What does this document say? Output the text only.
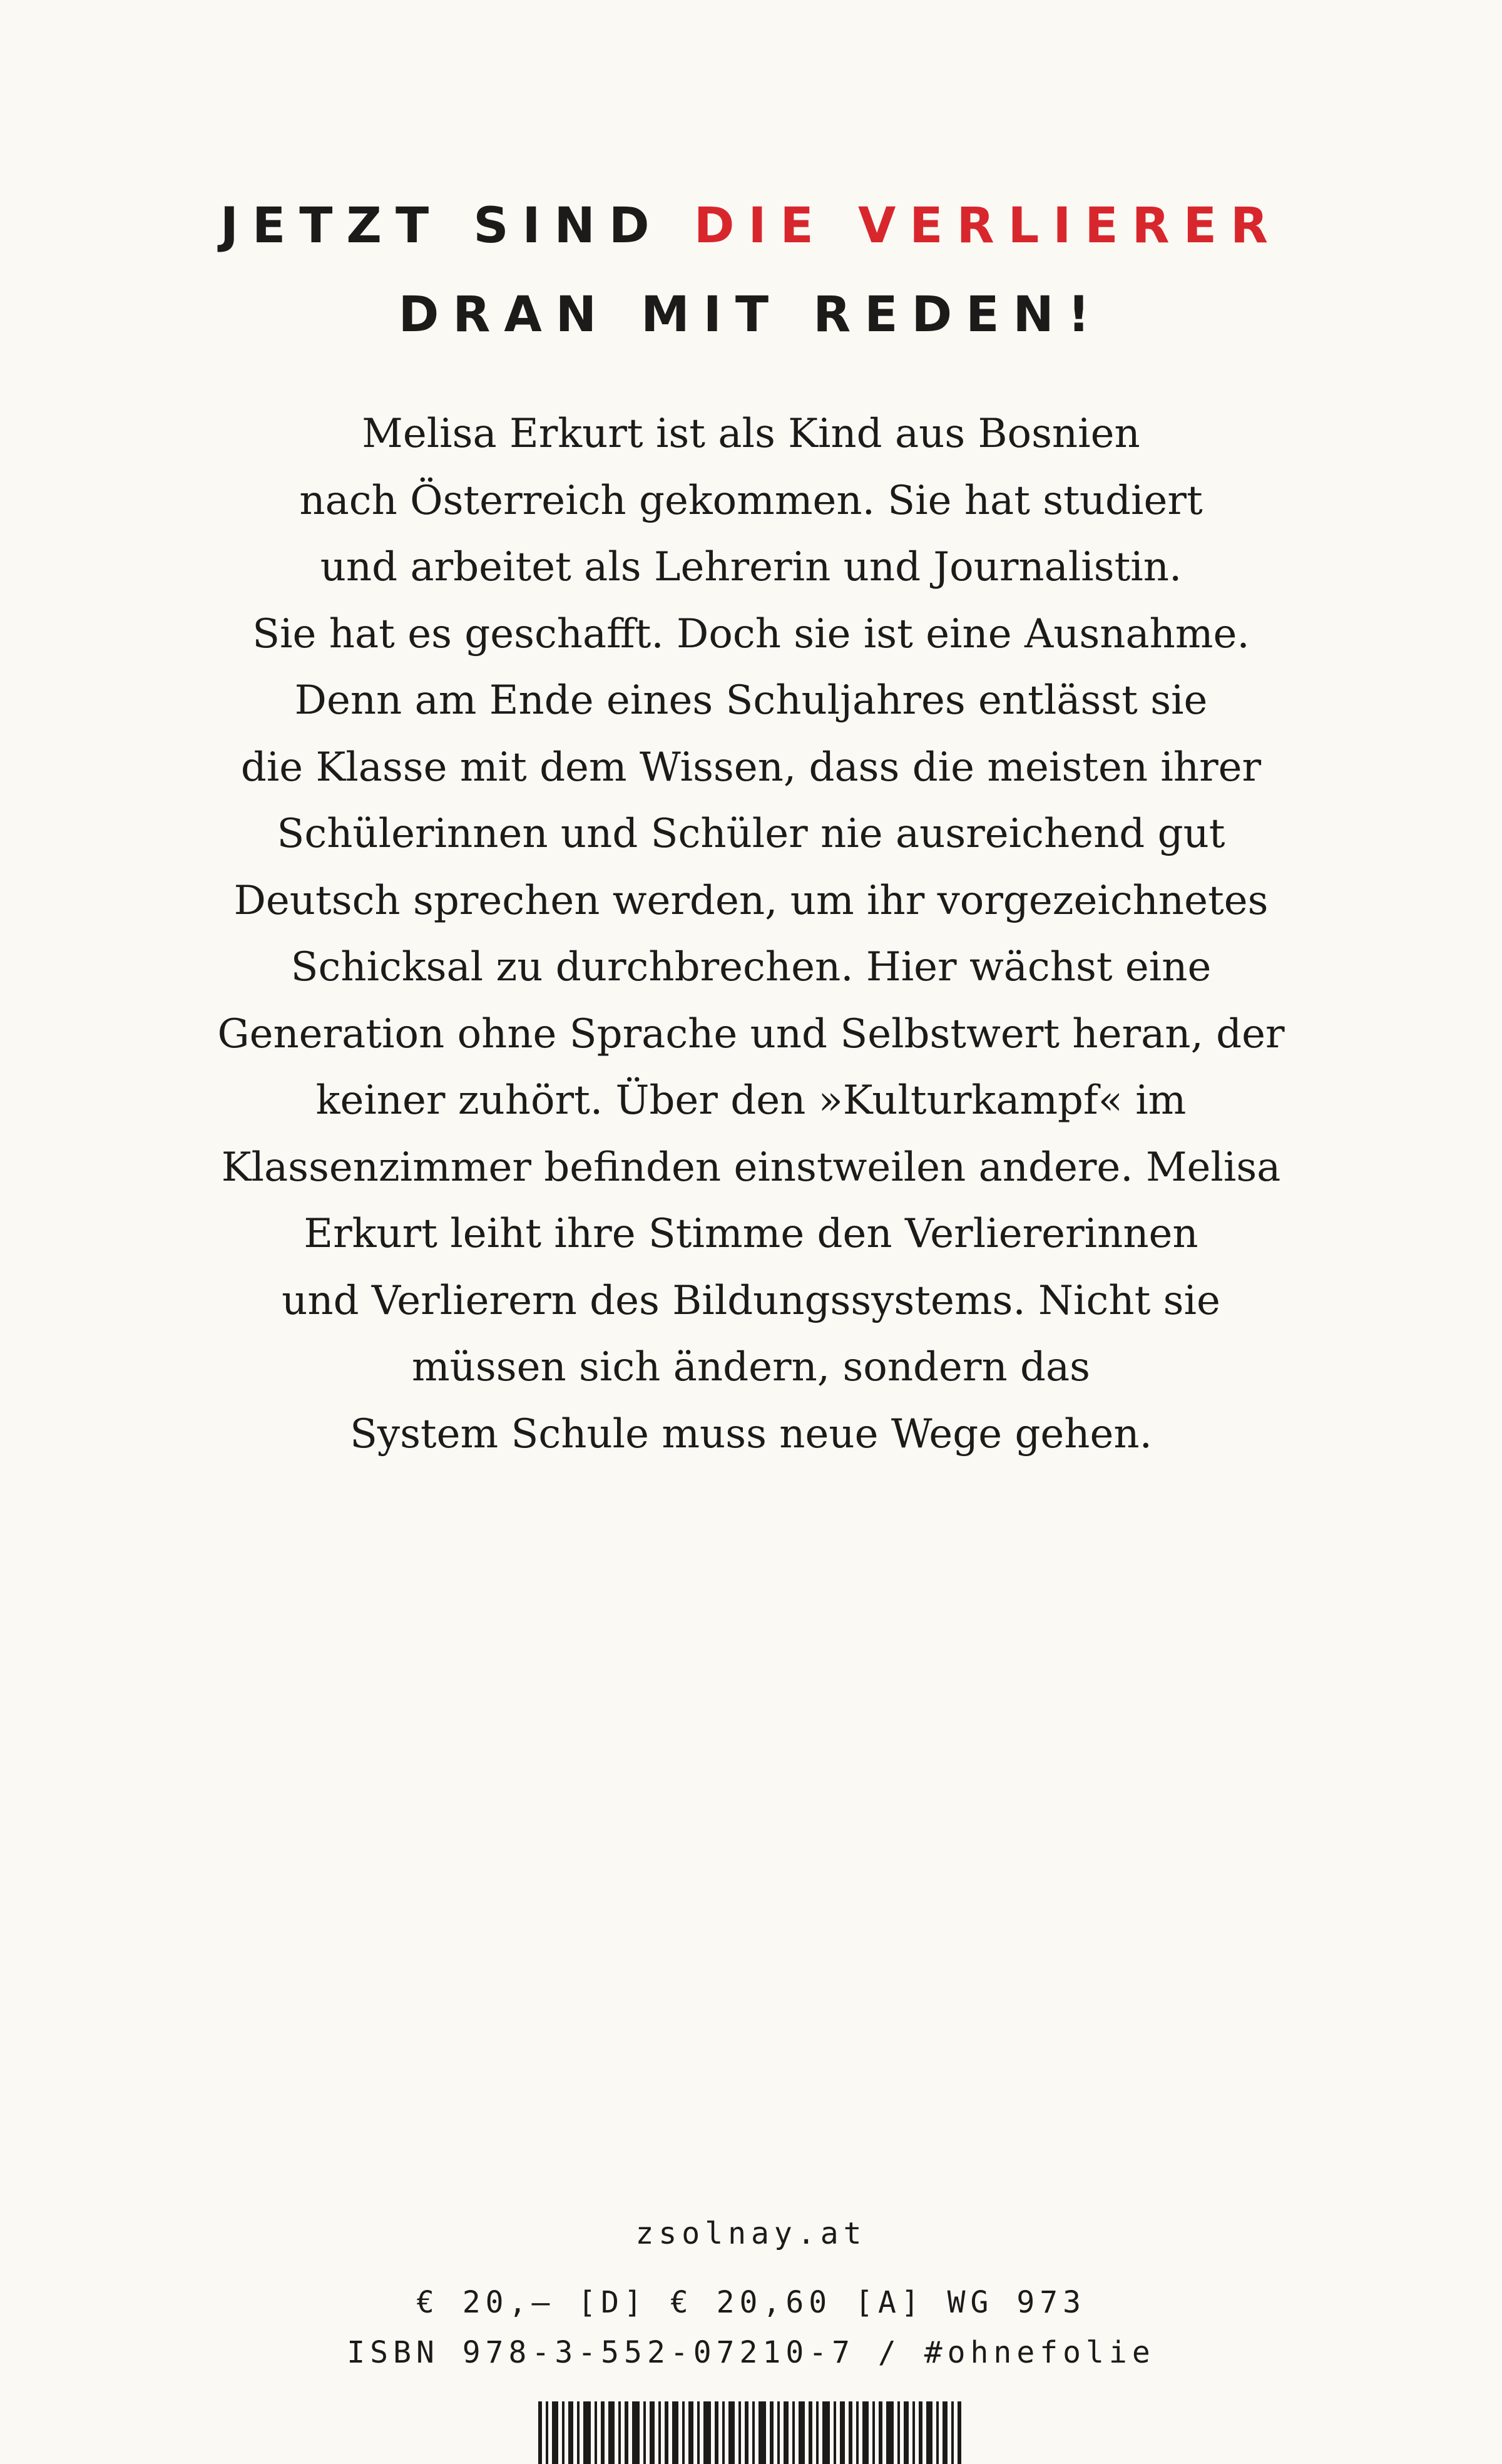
JETZT SIND DIE VERLIERER
DRAN MIT REDEN!

Melisa Erkurt ist als Kind aus Bosnien
nach Österreich gekommen. Sie hat studiert
und arbeitet als Lehrerin und Journalistin.
Sie hat es geschafft. Doch sie ist eine Ausnahme.
Denn am Ende eines Schuljahres entlässt sie
die Klasse mit dem Wissen, dass die meisten ihrer
Schülerinnen und Schüler nie ausreichend gut
Deutsch sprechen werden, um ihr vorgezeichnetes
Schicksal zu durchbrechen. Hier wächst eine
Generation ohne Sprache und Selbstwert heran, der
keiner zuhört. Über den »Kulturkampf« im
Klassenzimmer befinden einstweilen andere. Melisa
Erkurt leiht ihre Stimme den Verliererinnen
und Verlierern des Bildungssystems. Nicht sie
müssen sich ändern, sondern das
System Schule muss neue Wege gehen.

zsolnay.at
€ 20,– [D] € 20,60 [A] WG 973
ISBN 978-3-552-07210-7 / #ohnefolie
